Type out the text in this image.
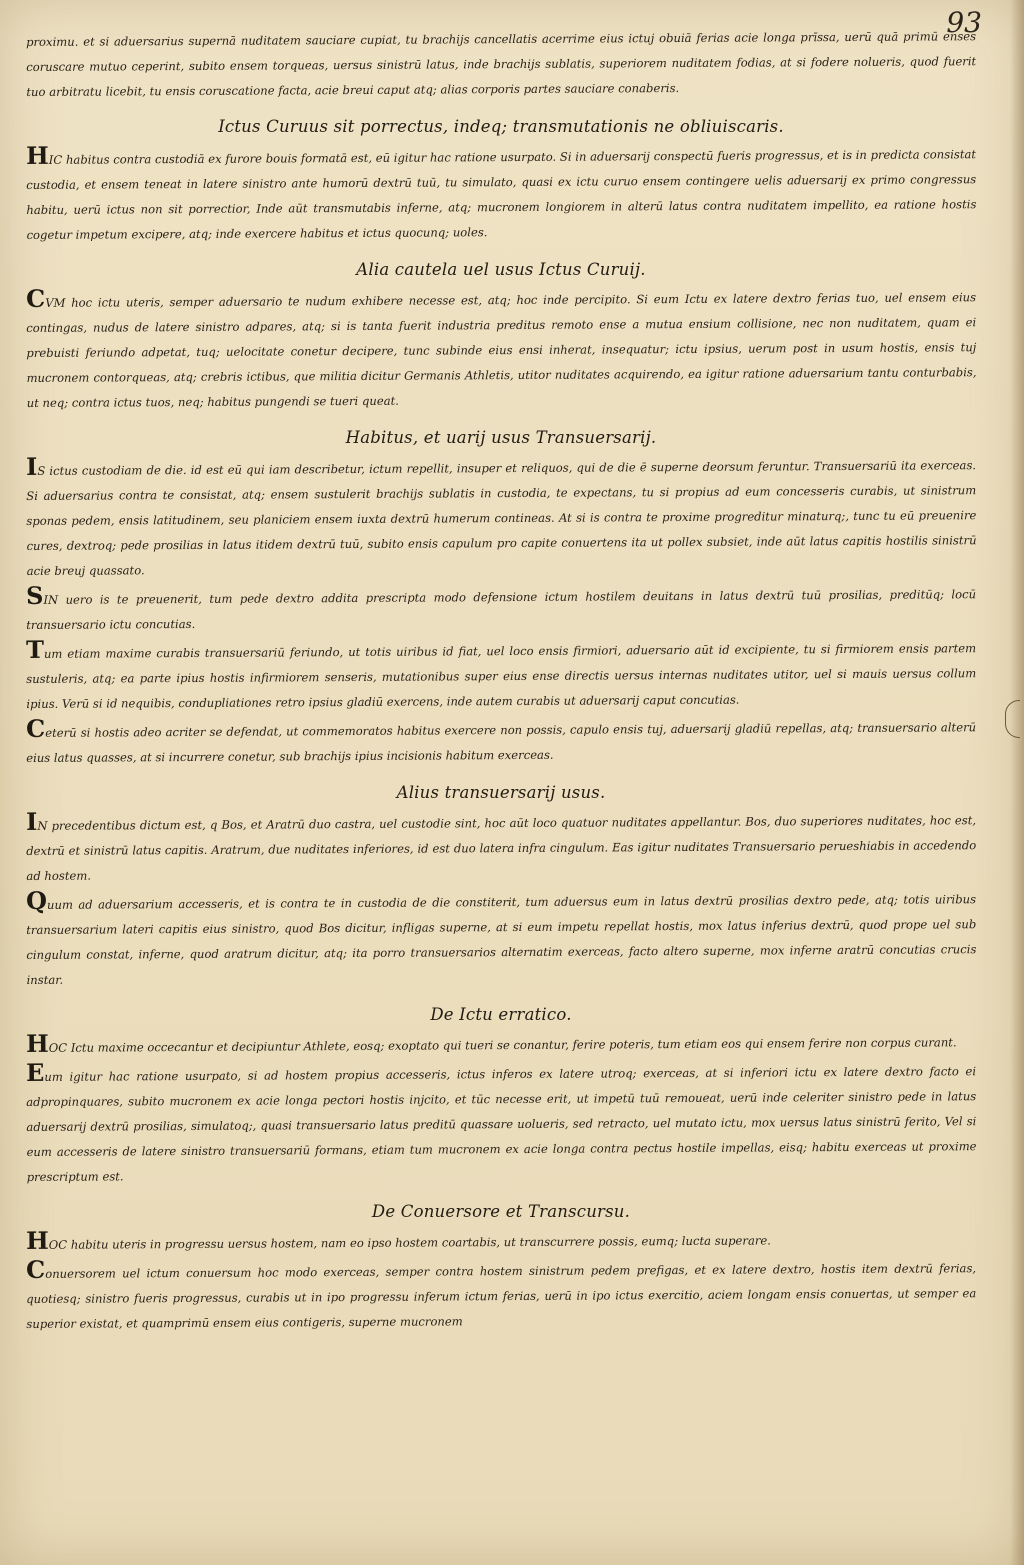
93

proximu. et si aduersarius supernā nuditatem sauciare cupiat, tu brachijs cancellatis acerrime eius ictuj obuiā ferias acie longa prīssa, uerū quā primū enses coruscare mutuo ceperint, subito ensem torqueas, uersus sinistrū latus, inde brachijs sublatis, superiorem nuditatem fodias, at si fodere nolueris, quod fuerit tuo arbitratu licebit, tu ensis coruscatione facta, acie breui caput atq; alias corporis partes sauciare conaberis.

Ictus Curuus sit porrectus, indeq; transmutationis ne obliuiscaris.

HIC habitus contra custodiā ex furore bouis formatā est, eū igitur hac ratione usurpato. Si in aduersarij conspectū fueris progressus, et is in predicta consistat custodia, et ensem teneat in latere sinistro ante humorū dextrū tuū, tu simulato, quasi ex ictu curuo ensem contingere uelis aduersarij ex primo congressus habitu, uerū ictus non sit porrectior, Inde aūt transmutabis inferne, atq; mucronem longiorem in alterū latus contra nuditatem impellito, ea ratione hostis cogetur impetum excipere, atq; inde exercere habitus et ictus quocunq; uoles.

Alia cautela uel usus Ictus Curuij.

CVM hoc ictu uteris, semper aduersario te nudum exhibere necesse est, atq; hoc inde percipito. Si eum Ictu ex latere dextro ferias tuo, uel ensem eius contingas, nudus de latere sinistro adpares, atq; si is tanta fuerit industria preditus remoto ense a mutua ensium collisione, nec non nuditatem, quam ei prebuisti feriundo adpetat, tuq; uelocitate conetur decipere, tunc subinde eius ensi inherat, insequatur; ictu ipsius, uerum post in usum hostis, ensis tuj mucronem contorqueas, atq; crebris ictibus, que militia dicitur Germanis Athletis, utitor nuditates acquirendo, ea igitur ratione aduersarium tantu conturbabis, ut neq; contra ictus tuos, neq; habitus pungendi se tueri queat.

Habitus, et uarij usus Transuersarij.

IS ictus custodiam de die. id est eū qui iam describetur, ictum repellit, insuper et reliquos, qui de die ē superne deorsum feruntur. Transuersariū ita exerceas. Si aduersarius contra te consistat, atq; ensem sustulerit brachijs sublatis in custodia, te expectans, tu si propius ad eum concesseris curabis, ut sinistrum sponas pedem, ensis latitudinem, seu planiciem ensem iuxta dextrū humerum contineas. At si is contra te proxime progreditur minaturq;, tunc tu eū preuenire cures, dextroq; pede prosilias in latus itidem dextrū tuū, subito ensis capulum pro capite conuertens ita ut pollex subsiet, inde aūt latus capitis hostilis sinistrū acie breuj quassato.

SIN uero is te preuenerit, tum pede dextro addita prescripta modo defensione ictum hostilem deuitans in latus dextrū tuū prosilias, preditūq; locū transuersario ictu concutias.

Tum etiam maxime curabis transuersariū feriundo, ut totis uiribus id fiat, uel loco ensis firmiori, aduersario aūt id excipiente, tu si firmiorem ensis partem sustuleris, atq; ea parte ipius hostis infirmiorem senseris, mutationibus super eius ense directis uersus internas nuditates utitor, uel si mauis uersus collum ipius. Verū si id nequibis, condupliationes retro ipsius gladiū exercens, inde autem curabis ut aduersarij caput concutias.

Ceterū si hostis adeo acriter se defendat, ut commemoratos habitus exercere non possis, capulo ensis tuj, aduersarij gladiū repellas, atq; transuersario alterū eius latus quasses, at si incurrere conetur, sub brachijs ipius incisionis habitum exerceas.

Alius transuersarij usus.

IN precedentibus dictum est, q Bos, et Aratrū duo castra, uel custodie sint, hoc aūt loco quatuor nuditates appellantur. Bos, duo superiores nuditates, hoc est, dextrū et sinistrū latus capitis. Aratrum, due nuditates inferiores, id est duo latera infra cingulum. Eas igitur nuditates Transuersario perueshiabis in accedendo ad hostem.

Quum ad aduersarium accesseris, et is contra te in custodia de die constiterit, tum aduersus eum in latus dextrū prosilias dextro pede, atq; totis uiribus transuersarium lateri capitis eius sinistro, quod Bos dicitur, infligas superne, at si eum impetu repellat hostis, mox latus inferius dextrū, quod prope uel sub cingulum constat, inferne, quod aratrum dicitur, atq; ita porro transuersarios alternatim exerceas, facto altero superne, mox inferne aratrū concutias crucis instar.

De Ictu erratico.

HOC Ictu maxime occecantur et decipiuntur Athlete, eosq; exoptato qui tueri se conantur, ferire poteris, tum etiam eos qui ensem ferire non corpus curant.

Eum igitur hac ratione usurpato, si ad hostem propius accesseris, ictus inferos ex latere utroq; exerceas, at si inferiori ictu ex latere dextro facto ei adpropinquares, subito mucronem ex acie longa pectori hostis injcito, et tūc necesse erit, ut impetū tuū remoueat, uerū inde celeriter sinistro pede in latus aduersarij dextrū prosilias, simulatoq;, quasi transuersario latus preditū quassare uolueris, sed retracto, uel mutato ictu, mox uersus latus sinistrū ferito, Vel si eum accesseris de latere sinistro transuersariū formans, etiam tum mucronem ex acie longa contra pectus hostile impellas, eisq; habitu exerceas ut proxime prescriptum est.

De Conuersore et Transcursu.

HOC habitu uteris in progressu uersus hostem, nam eo ipso hostem coartabis, ut transcurrere possis, eumq; lucta superare.

Conuersorem uel ictum conuersum hoc modo exerceas, semper contra hostem sinistrum pedem prefigas, et ex latere dextro, hostis item dextrū ferias, quotiesq; sinistro fueris progressus, curabis ut in ipo progressu inferum ictum ferias, uerū in ipo ictus exercitio, aciem longam ensis conuertas, ut semper ea superior existat, et quamprimū ensem eius contigeris, superne mucronem
